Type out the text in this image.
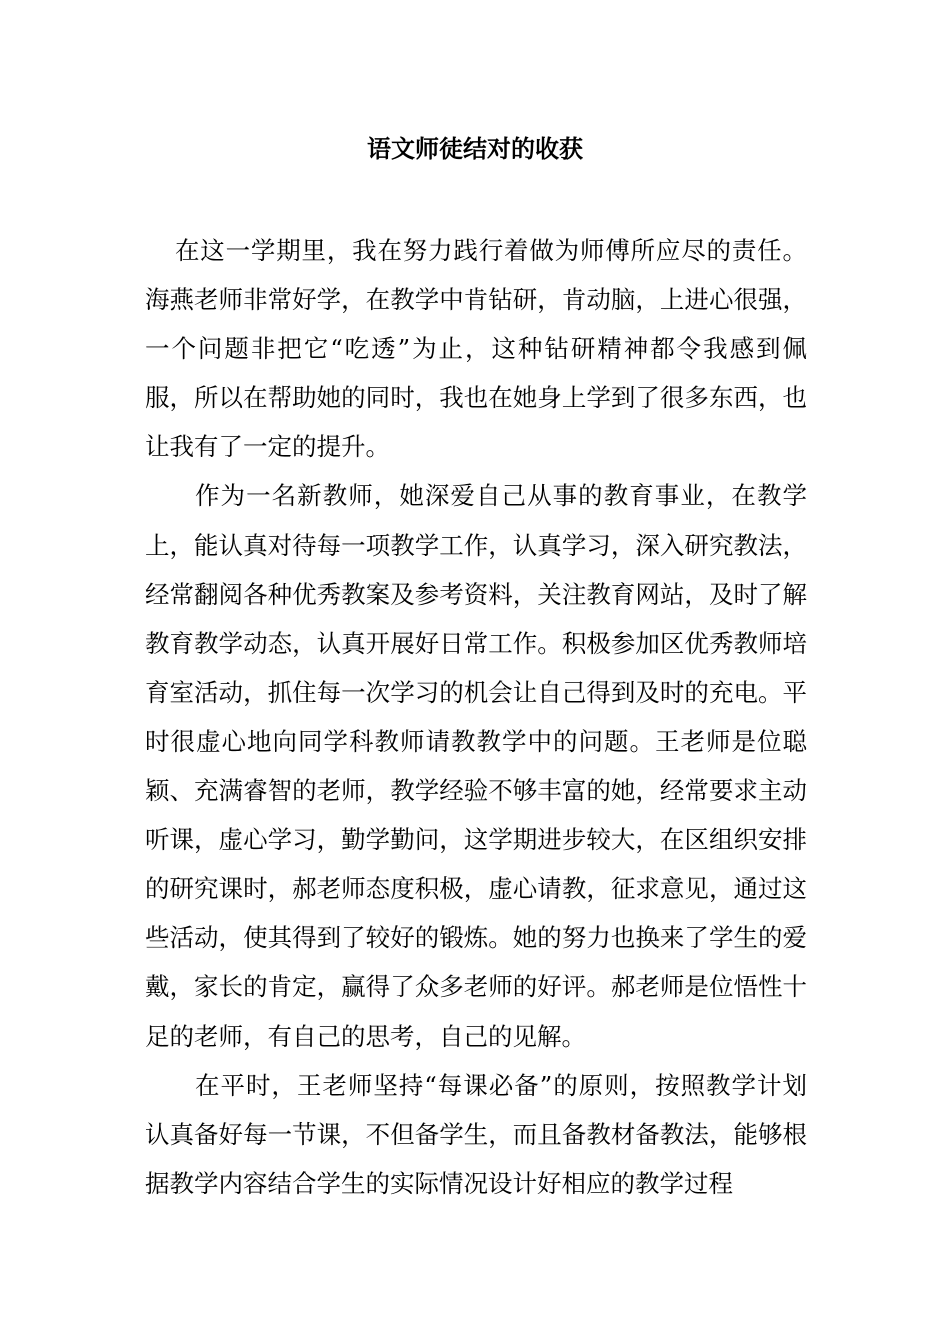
语文师徒结对的收获

在这一学期里，我在努力践行着做为师傅所应尽的责任。海燕老师非常好学，在教学中肯钻研，肯动脑，上进心很强，一个问题非把它“吃透”为止，这种钻研精神都令我感到佩服，所以在帮助她的同时，我也在她身上学到了很多东西，也让我有了一定的提升。

作为一名新教师，她深爱自己从事的教育事业，在教学上，能认真对待每一项教学工作，认真学习，深入研究教法，经常翻阅各种优秀教案及参考资料，关注教育网站，及时了解教育教学动态，认真开展好日常工作。积极参加区优秀教师培育室活动，抓住每一次学习的机会让自己得到及时的充电。平时很虚心地向同学科教师请教教学中的问题。王老师是位聪颖、充满睿智的老师，教学经验不够丰富的她，经常要求主动听课，虚心学习，勤学勤问，这学期进步较大，在区组织安排的研究课时，郝老师态度积极，虚心请教，征求意见，通过这些活动，使其得到了较好的锻炼。她的努力也换来了学生的爱戴，家长的肯定，赢得了众多老师的好评。郝老师是位悟性十足的老师，有自己的思考，自己的见解。

在平时，王老师坚持“每课必备”的原则，按照教学计划认真备好每一节课，不但备学生，而且备教材备教法，能够根据教学内容结合学生的实际情况设计好相应的教学过程
